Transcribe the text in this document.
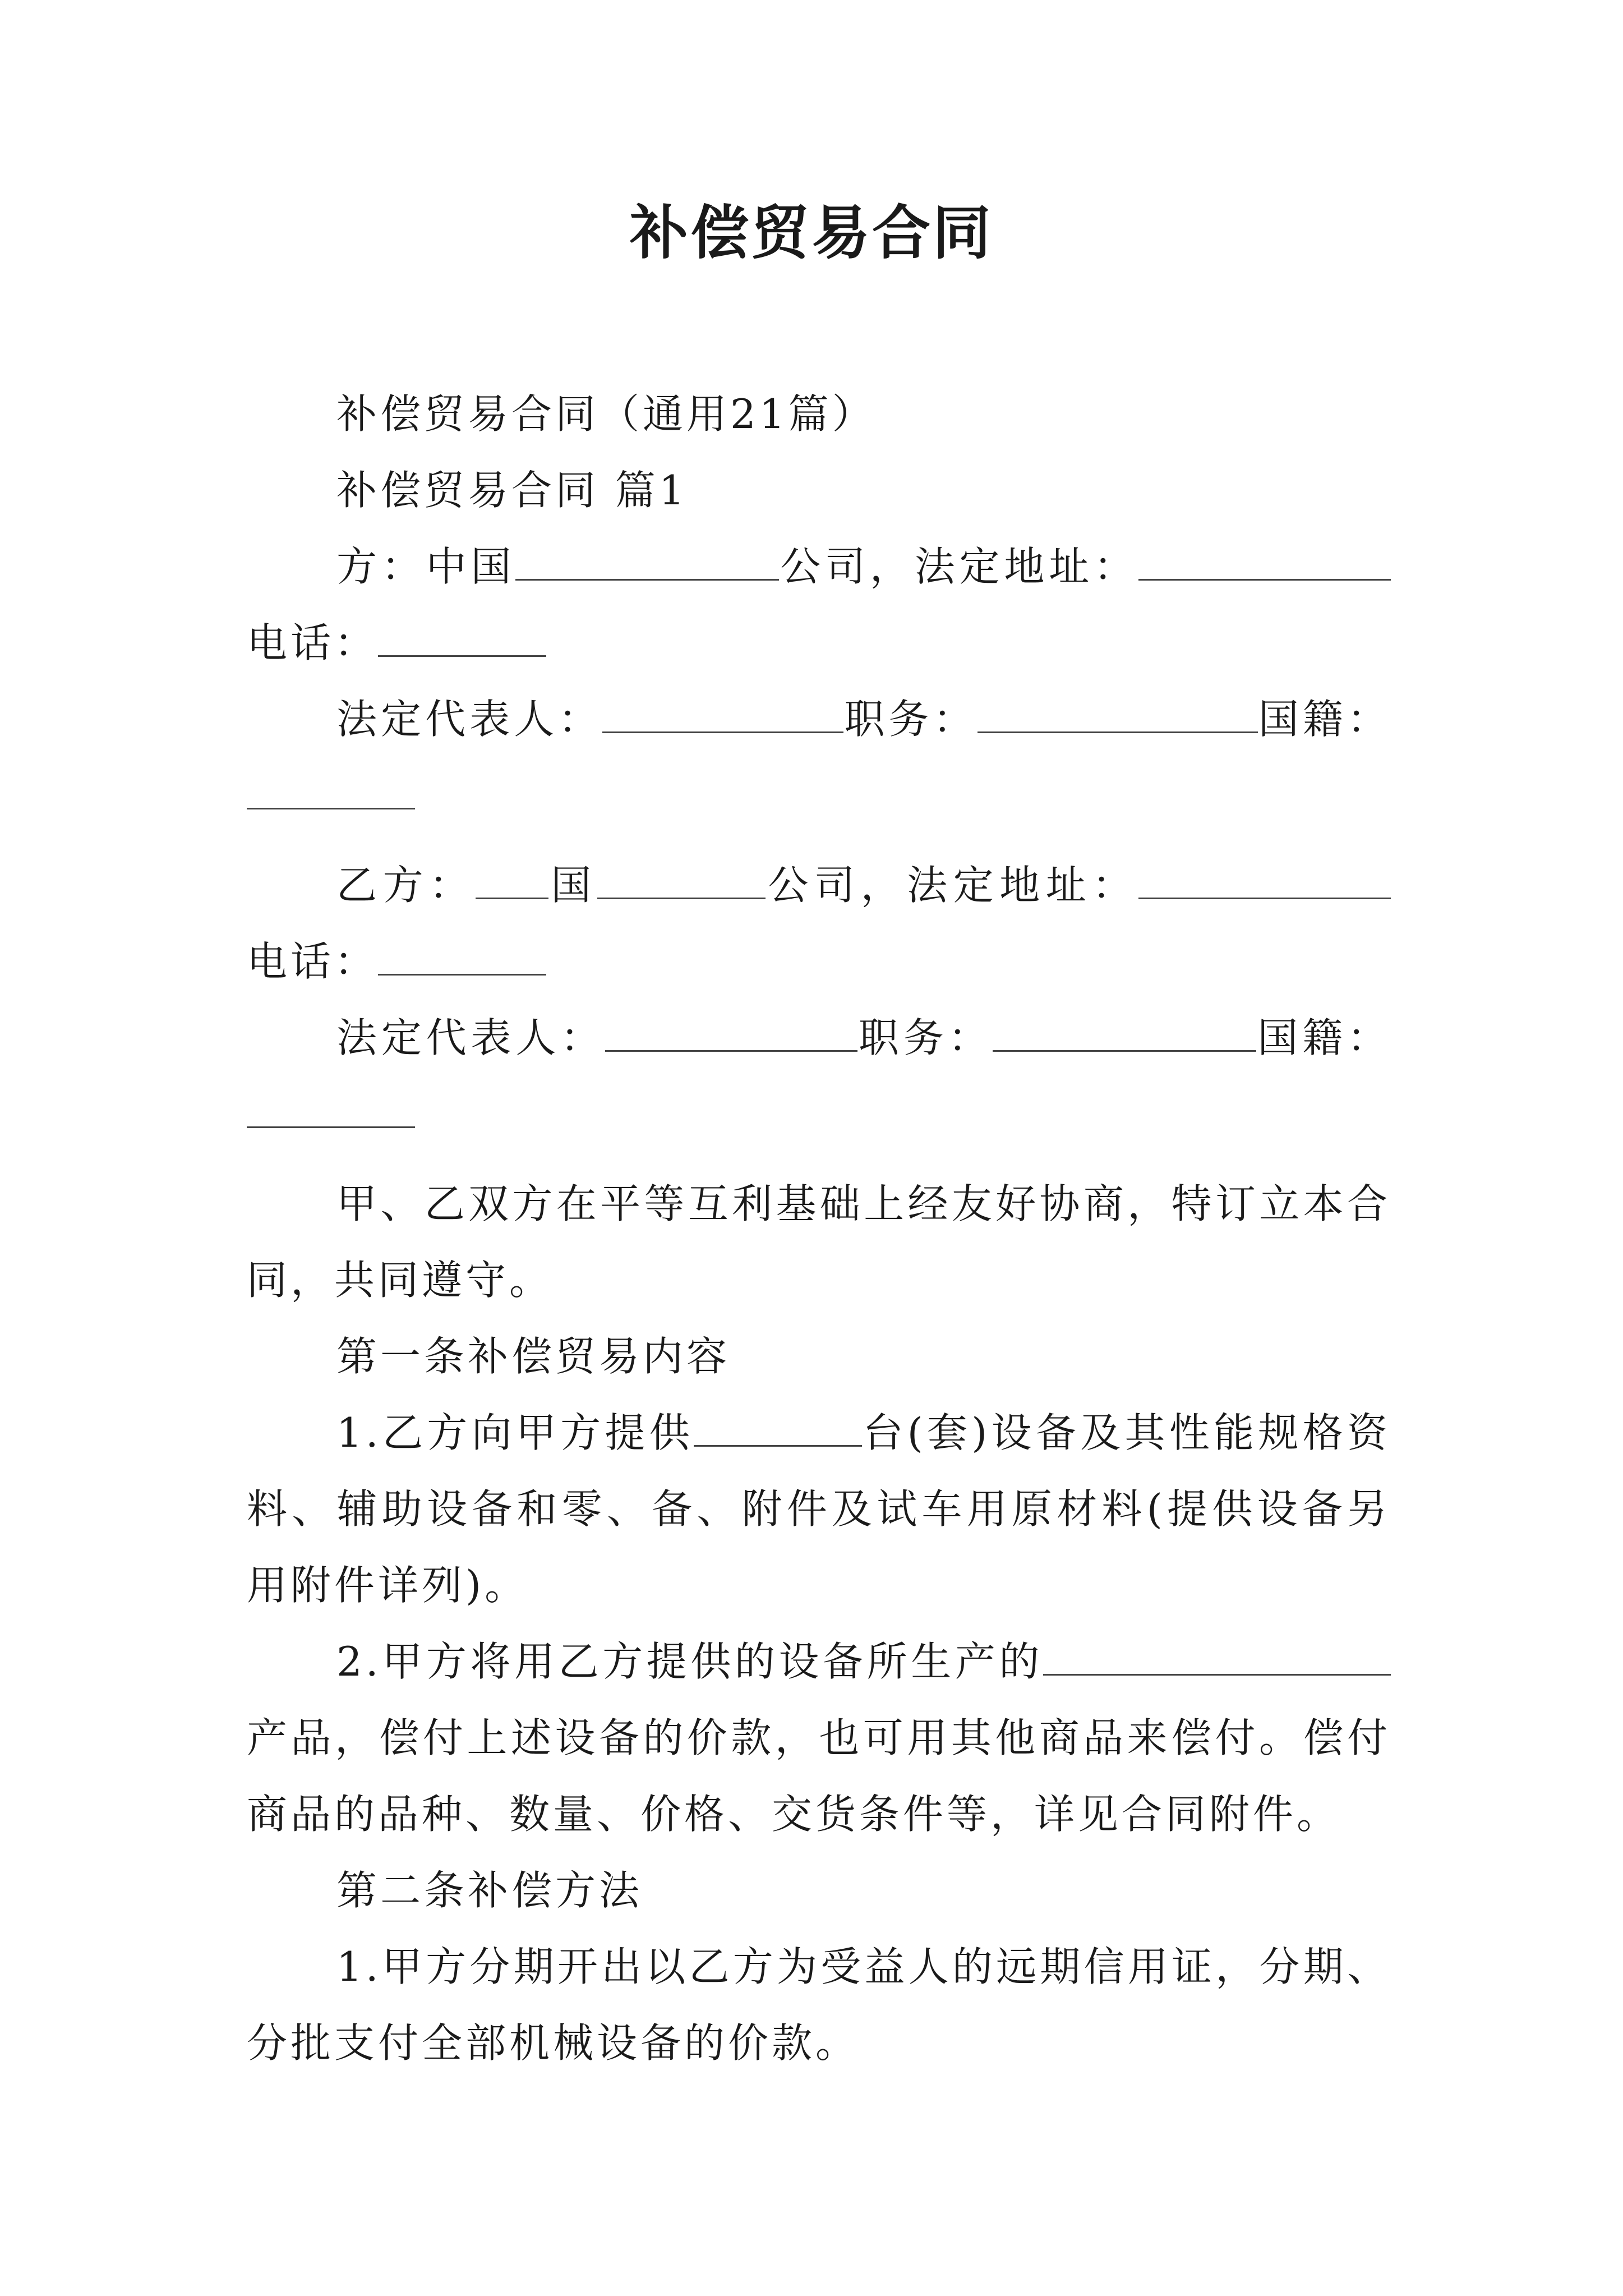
补偿贸易合同

补偿贸易合同（通用21篇）

补偿贸易合同 篇1

方：中国	公司，法定地址：电话：

法定代表人：	职务：	国籍：

乙方： 国	公司，法定地址：电话：

法定代表人：	职务：	国籍：

甲、乙双方在平等互利基础上经友好协商，特订立本合同，共同遵守。

第一条补偿贸易内容

1.乙方向甲方提供	台(套)设备及其性能规格资料、辅助设备和零、备、附件及试车用原材料(提供设备另用附件详列)。

2.甲方将用乙方提供的设备所生产的产品，偿付上述设备的价款，也可用其他商品来偿付。偿付商品的品种、数量、价格、交货条件等，详见合同附件。

第二条补偿方法

1.甲方分期开出以乙方为受益人的远期信用证，分期、分批支付全部机械设备的价款。
